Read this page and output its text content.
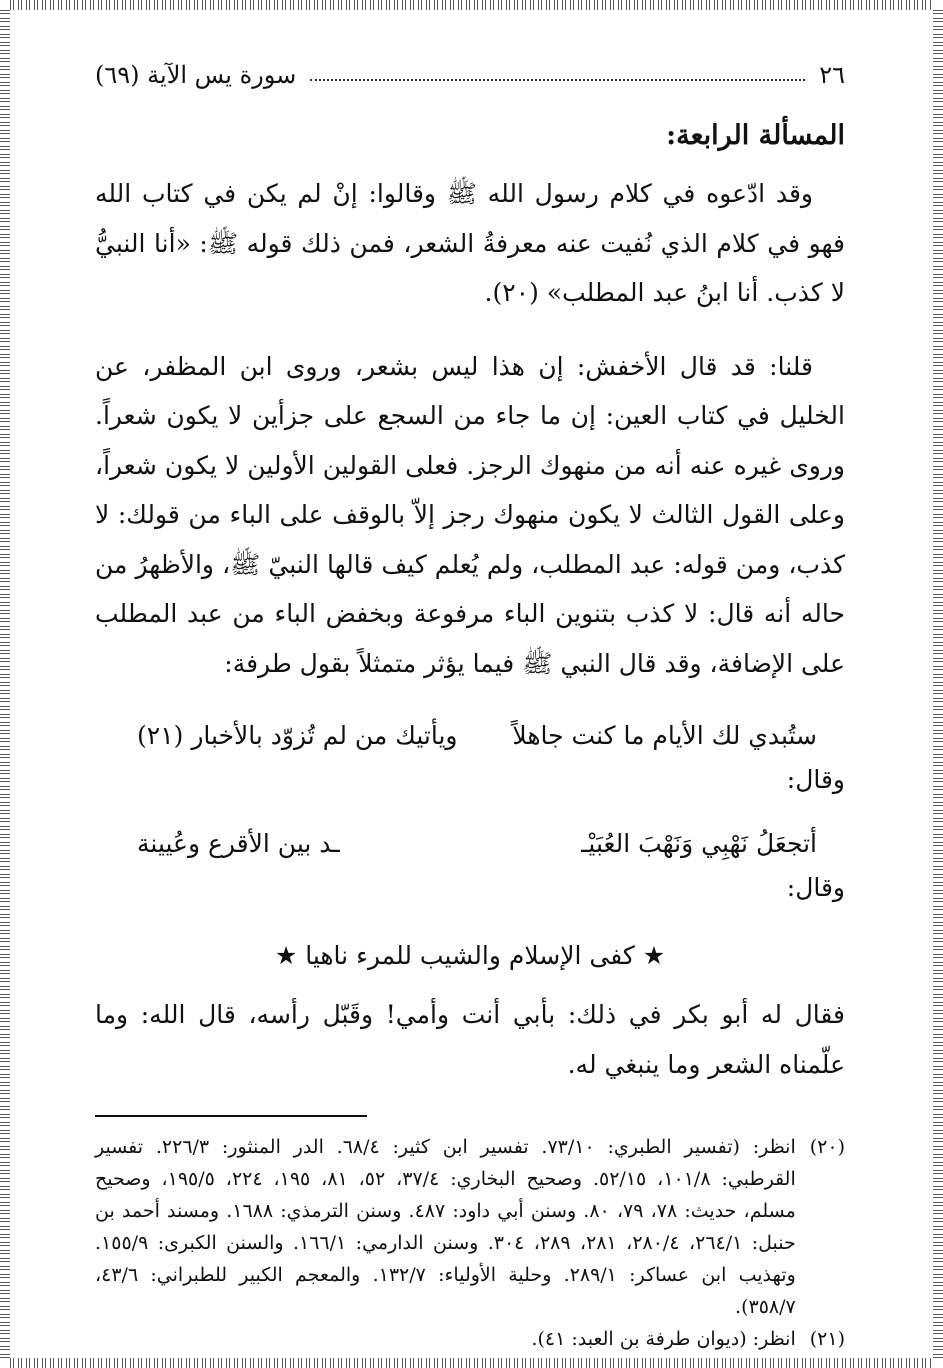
٢٦
سورة يس الآية (٦٩)
المسألة الرابعة:

وقد ادّعوه في كلام رسول الله ﷺ وقالوا: إنْ لم يكن في كتاب الله فهو في كلام الذي نُفيت عنه معرفةُ الشعر، فمن ذلك قوله ﷺ: «أنا النبيُّ لا كذب. أنا ابنُ عبد المطلب» (٢٠).

قلنا: قد قال الأخفش: إن هذا ليس بشعر، وروى ابن المظفر، عن الخليل في كتاب العين: إن ما جاء من السجع على جزأين لا يكون شعراً. وروى غيره عنه أنه من منهوك الرجز. فعلى القولين الأولين لا يكون شعراً، وعلى القول الثالث لا يكون منهوك رجز إلاّ بالوقف على الباء من قولك: لا كذب، ومن قوله: عبد المطلب، ولم يُعلم كيف قالها النبيّ ﷺ، والأظهرُ من حاله أنه قال: لا كذب بتنوين الباء مرفوعة وبخفض الباء من عبد المطلب على الإضافة، وقد قال النبي ﷺ فيما يؤثر متمثلاً بقول طرفة:

ستُبدي لك الأيام ما كنت جاهلاً
ويأتيك من لم تُزوّد بالأخبار (٢١)
وقال:
أتجعَلُ نَهْبِي وَنَهْبَ العُبَيْـ
ـد بين الأقرع وعُيينة
وقال:
★ كفى الإسلام والشيب للمرء ناهيا ★

فقال له أبو بكر في ذلك: بأبي أنت وأمي! وقَبّل رأسه، قال الله: وما علّمناه الشعر وما ينبغي له.

(٢٠)
انظر: (تفسير الطبري: ٧٣/١٠. تفسير ابن كثير: ٦٨/٤. الدر المنثور: ٢٢٦/٣. تفسير القرطبي: ١٠١/٨، ٥٢/١٥. وصحيح البخاري: ٣٧/٤، ٥٢، ٨١، ١٩٥، ٢٢٤، ١٩٥/٥، وصحيح مسلم، حديث: ٧٨، ٧٩، ٨٠. وسنن أبي داود: ٤٨٧. وسنن الترمذي: ١٦٨٨. ومسند أحمد بن حنبل: ٢٦٤/١، ٢٨٠/٤، ٢٨١، ٢٨٩، ٣٠٤. وسنن الدارمي: ١٦٦/١. والسنن الكبرى: ١٥٥/٩. وتهذيب ابن عساكر: ٢٨٩/١. وحلية الأولياء: ١٣٢/٧. والمعجم الكبير للطبراني: ٤٣/٦، ٣٥٨/٧).
(٢١)
انظر: (ديوان طرفة بن العبد: ٤١).
